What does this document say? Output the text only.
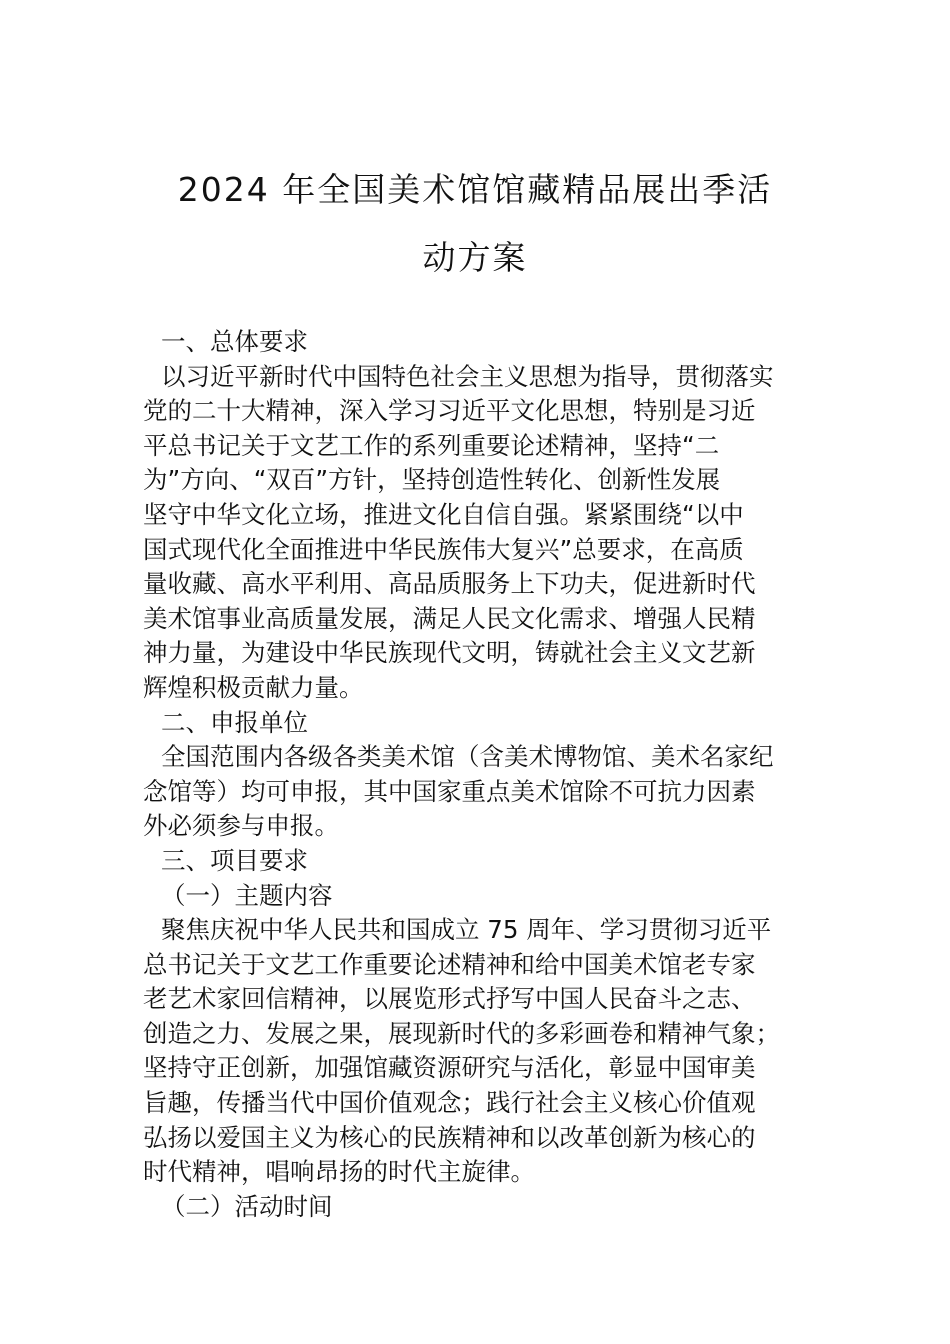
2024 年全国美术馆馆藏精品展出季活
动方案
一、总体要求
以习近平新时代中国特色社会主义思想为指导，贯彻落实
党的二十大精神，深入学习习近平文化思想，特别是习近
平总书记关于文艺工作的系列重要论述精神，坚持“二
为”方向、“双百”方针，坚持创造性转化、创新性发展
坚守中华文化立场，推进文化自信自强。紧紧围绕“以中
国式现代化全面推进中华民族伟大复兴”总要求，在高质
量收藏、高水平利用、高品质服务上下功夫，促进新时代
美术馆事业高质量发展，满足人民文化需求、增强人民精
神力量，为建设中华民族现代文明，铸就社会主义文艺新
辉煌积极贡献力量。
二、申报单位
全国范围内各级各类美术馆（含美术博物馆、美术名家纪
念馆等）均可申报，其中国家重点美术馆除不可抗力因素
外必须参与申报。
三、项目要求
（一）主题内容
聚焦庆祝中华人民共和国成立 75 周年、学习贯彻习近平
总书记关于文艺工作重要论述精神和给中国美术馆老专家
老艺术家回信精神，以展览形式抒写中国人民奋斗之志、
创造之力、发展之果，展现新时代的多彩画卷和精神气象；
坚持守正创新，加强馆藏资源研究与活化，彰显中国审美
旨趣，传播当代中国价值观念；践行社会主义核心价值观
弘扬以爱国主义为核心的民族精神和以改革创新为核心的
时代精神，唱响昂扬的时代主旋律。
（二）活动时间
